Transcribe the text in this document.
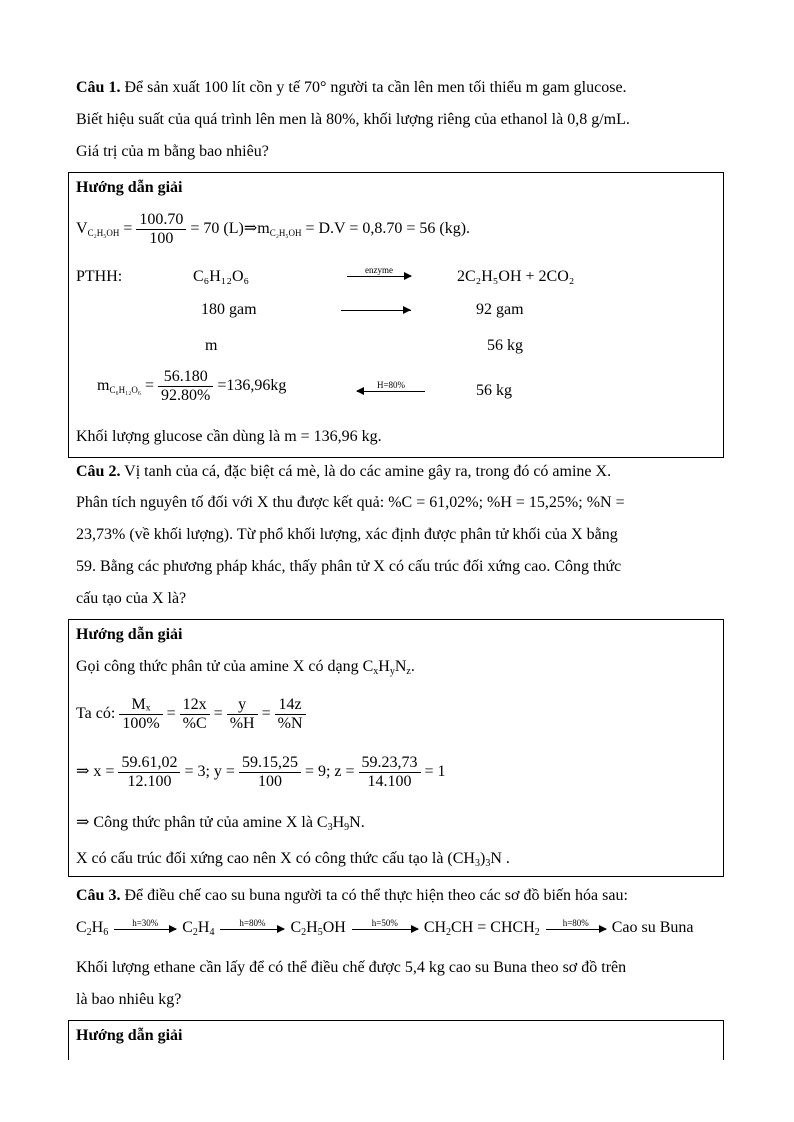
Câu 1. Để sản xuất 100 lít cồn y tế 70° người ta cần lên men tối thiểu m gam glucose.
Biết hiệu suất của quá trình lên men là 80%, khối lượng riêng của ethanol là 0,8 g/mL.
Giá trị của m bằng bao nhiêu?
Hướng dẫn giải
$V_{C_2H_5OH} = \frac{100.70}{100} = 70$ $(L)\Rightarrow m_{C_2H_5OH} = D.V = 0,8.70 = 56$ (kg).
PTHH:	C₆H₁₂O₆	enzyme	2C₂H₅OH + 2CO₂
180 gam	92 gam
m	56 kg
$m_{C_6H_{12}O_6} = \frac{56.180}{92.80\%} =136,96kg$	H=80%	56 kg
Khối lượng glucose cần dùng là m = 136,96 kg.
Câu 2. Vị tanh của cá, đặc biệt cá mè, là do các amine gây ra, trong đó có amine X.
Phân tích nguyên tố đối với X thu được kết quả: %C = 61,02%; %H = 15,25%; %N =
23,73% (về khối lượng). Từ phổ khối lượng, xác định được phân tử khối của X bằng
59. Bằng các phương pháp khác, thấy phân tử X có cấu trúc đối xứng cao. Công thức
cấu tạo của X là?
Hướng dẫn giải
Gọi công thức phân tử của amine X có dạng $C_xH_yN_z$.
Ta có: $\frac{\text{Mₓ}}{100\%} = \frac{12x}{\%C} = \frac{y}{\%H} = \frac{14z}{\%N}$
⇒ $x = \frac{59.61,02}{12.100} = 3$; $y = \frac{59.15,25}{100} = 9$; $z = \frac{59.23,73}{14.100} = 1$
⇒ Công thức phân tử của amine X là $C_3H_9N$.
X có cấu trúc đối xứng cao nên X có công thức cấu tạo là $(CH_3)_3N$ .
Câu 3. Để điều chế cao su buna người ta có thể thực hiện theo các sơ đồ biến hóa sau:
$C_2H_6$
h=30%	$C_2H_4$
h=80%	$C_2H_5OH$	h=50%	$CH_2CH$ = $CHCH_2$
h=80%	Cao su Buna
Khối lượng ethane cần lấy để có thể điều chế được 5,4 kg cao su Buna theo sơ đồ trên
là bao nhiêu kg?
Hướng dẫn giải
